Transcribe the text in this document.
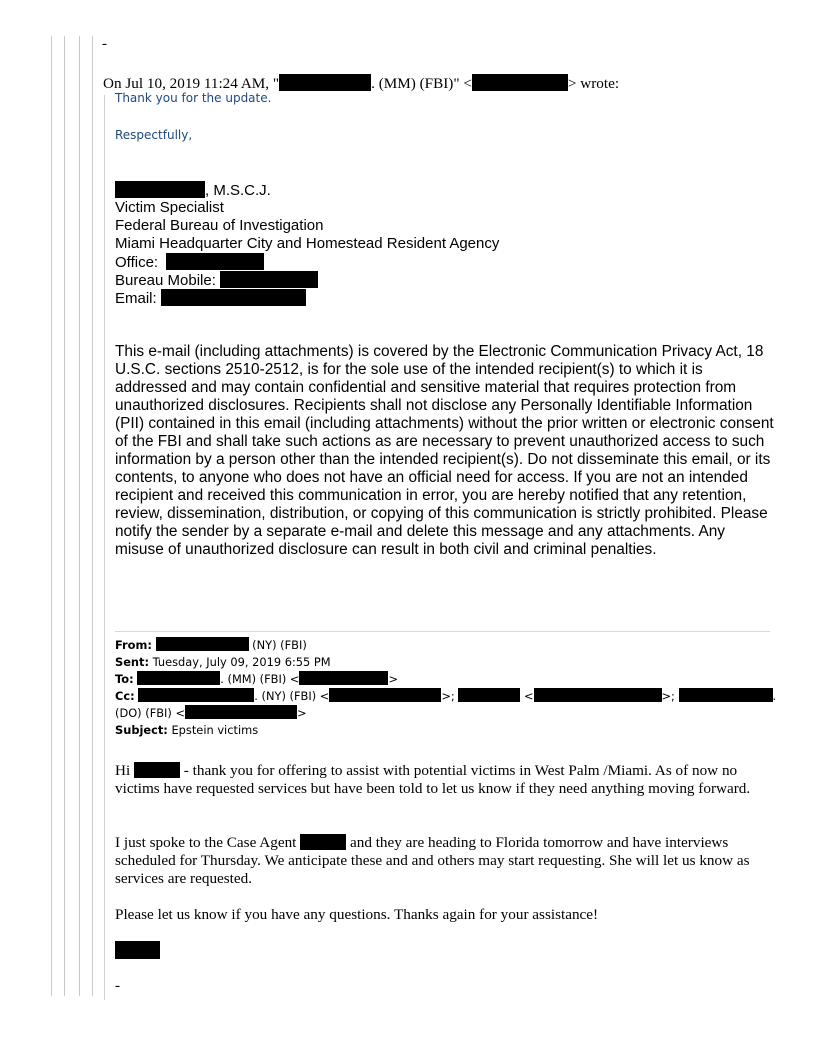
-
On Jul 10, 2019 11:24 AM, "	. (MM) (FBI)" <	> wrote:
Thank you for the update.
Respectfully,
, M.S.C.J.
Victim Specialist
Federal Bureau of Investigation
Miami Headquarter City and Homestead Resident Agency
Office:
Bureau Mobile:
Email:
This e-mail (including attachments) is covered by the Electronic Communication Privacy Act, 18 U.S.C. sections 2510-2512, is for the sole use of the intended recipient(s) to which it is addressed and may contain confidential and sensitive material that requires protection from unauthorized disclosures. Recipients shall not disclose any Personally Identifiable Information (PII) contained in this email (including attachments) without the prior written or electronic consent of the FBI and shall take such actions as are necessary to prevent unauthorized access to such information by a person other than the intended recipient(s). Do not disseminate this email, or its contents, to anyone who does not have an official need for access. If you are not an intended recipient and received this communication in error, you are hereby notified that any retention, review, dissemination, distribution, or copying of this communication is strictly prohibited. Please notify the sender by a separate e-mail and delete this message and any attachments. Any misuse of unauthorized disclosure can result in both civil and criminal penalties.
From:	(NY) (FBI)
Sent: Tuesday, July 09, 2019 6:55 PM
To:	. (MM) (FBI) <	>
Cc:	. (NY) (FBI) <	>;	<	>;	.
(DO) (FBI) <	>
Subject: Epstein victims
Hi	- thank you for offering to assist with potential victims in West Palm /Miami. As of now no victims have requested services but have been told to let us know if they need anything moving forward.
I just spoke to the Case Agent	and they are heading to Florida tomorrow and have interviews scheduled for Thursday. We anticipate these and and others may start requesting. She will let us know as services are requested.
Please let us know if you have any questions. Thanks again for your assistance!
-
